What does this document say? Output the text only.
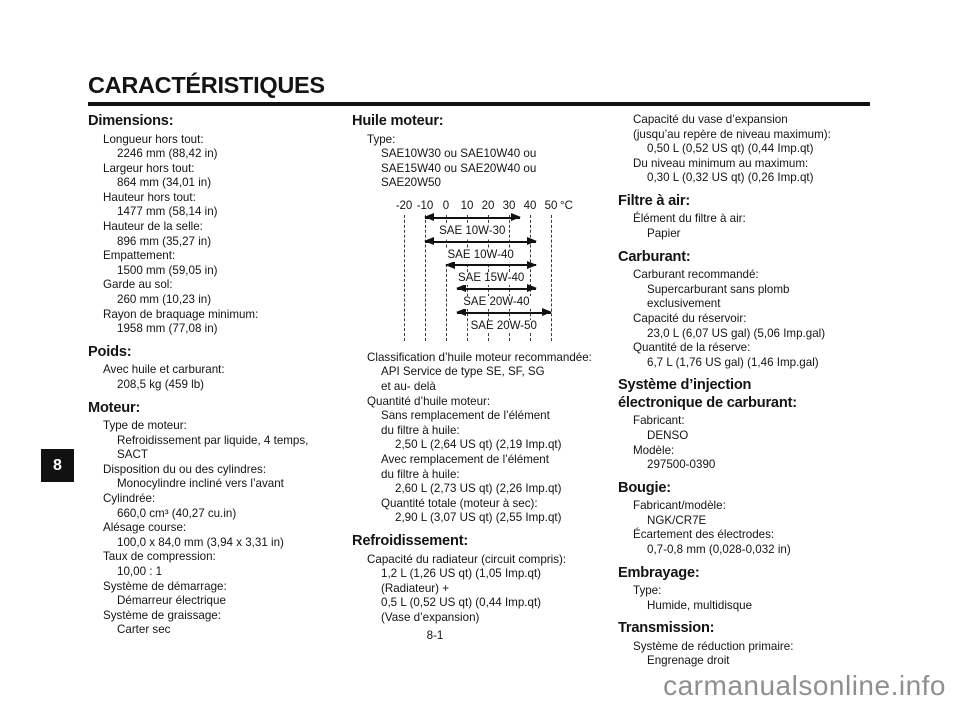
CARACTÉRISTIQUES
8
Dimensions:
Longueur hors tout:
2246 mm (88,42 in)
Largeur hors tout:
864 mm (34,01 in)
Hauteur hors tout:
1477 mm (58,14 in)
Hauteur de la selle:
896 mm (35,27 in)
Empattement:
1500 mm (59,05 in)
Garde au sol:
260 mm (10,23 in)
Rayon de braquage minimum:
1958 mm (77,08 in)
Poids:
Avec huile et carburant:
208,5 kg (459 lb)
Moteur:
Type de moteur:
Refroidissement par liquide, 4 temps,
SACT
Disposition du ou des cylindres:
Monocylindre incliné vers l’avant
Cylindrée:
660,0 cm³ (40,27 cu.in)
Alésage course:
100,0 x 84,0 mm (3,94 x 3,31 in)
Taux de compression:
10,00 : 1
Système de démarrage:
Démarreur électrique
Système de graissage:
Carter sec
Huile moteur:
Type:
SAE10W30 ou SAE10W40 ou
SAE15W40 ou SAE20W40 ou
SAE20W50
-20 -10 0 10 20 30 40 50 °C
SAE 10W-30
SAE 10W-40
SAE 15W-40
SAE 20W-40
SAE 20W-50
Classification d’huile moteur recommandée:
API Service de type SE, SF, SG
et au- delà
Quantité d’huile moteur:
Sans remplacement de l’élément
du filtre à huile:
2,50 L (2,64 US qt) (2,19 Imp.qt)
Avec remplacement de l’élément
du filtre à huile:
2,60 L (2,73 US qt) (2,26 Imp.qt)
Quantité totale (moteur à sec):
2,90 L (3,07 US qt) (2,55 Imp.qt)
Refroidissement:
Capacité du radiateur (circuit compris):
1,2 L (1,26 US qt) (1,05 Imp.qt)
(Radiateur) +
0,5 L (0,52 US qt) (0,44 Imp.qt)
(Vase d’expansion)
Capacité du vase d’expansion
(jusqu’au repère de niveau maximum):
0,50 L (0,52 US qt) (0,44 Imp.qt)
Du niveau minimum au maximum:
0,30 L (0,32 US qt) (0,26 Imp.qt)
Filtre à air:
Élément du filtre à air:
Papier
Carburant:
Carburant recommandé:
Supercarburant sans plomb
exclusivement
Capacité du réservoir:
23,0 L (6,07 US gal) (5,06 Imp.gal)
Quantité de la réserve:
6,7 L (1,76 US gal) (1,46 Imp.gal)
Système d’injection
électronique de carburant:
Fabricant:
DENSO
Modèle:
297500-0390
Bougie:
Fabricant/modèle:
NGK/CR7E
Écartement des électrodes:
0,7-0,8 mm (0,028-0,032 in)
Embrayage:
Type:
Humide, multidisque
Transmission:
Système de réduction primaire:
Engrenage droit
8-1
carmanualsonline.info
